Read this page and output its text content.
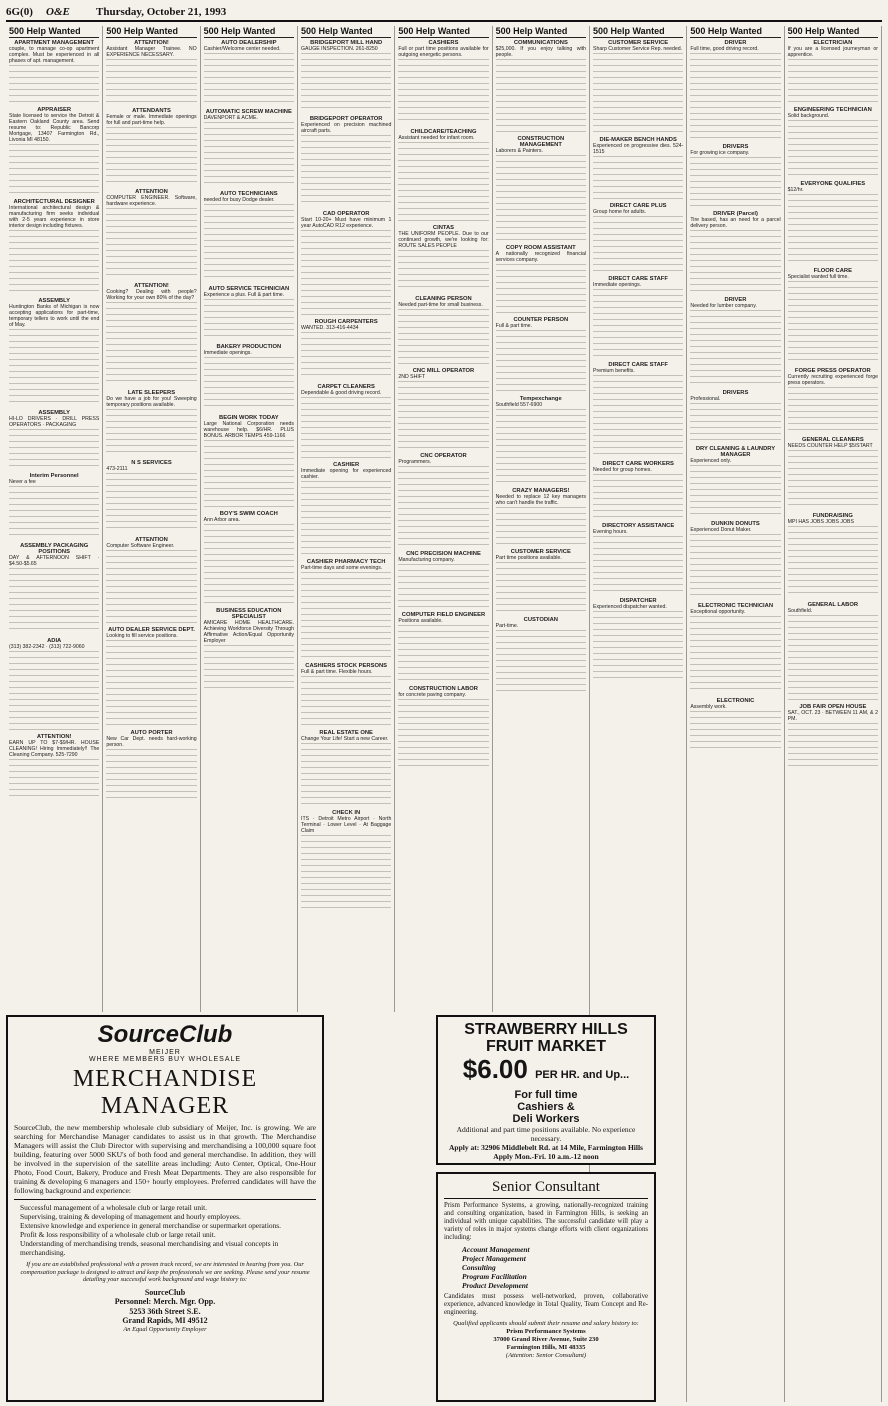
6G(0)	O&E	Thursday, October 21, 1993
500 Help Wanted
APARTMENT MANAGEMENT
couple, to manage co-op apartment complex. Must be experienced in all phases of apt. management.
APPRAISER
State licensed to service the Detroit & Eastern Oakland County area. Send resume to: Republic Bancorp Mortgage, 13407 Farmington Rd., Livonia MI 48150.
ARCHITECTURAL DESIGNER
International architectural design & manufacturing firm seeks individual with 2-5 years experience in store interior design including fixtures.
ASSEMBLY
Huntington Banks of Michigan is now accepting applications for part-time, temporary tellers to work until the end of May.
ASSEMBLY
HI-LO DRIVERS · DRILL PRESS OPERATORS · PACKAGING
Interim Personnel
Never a fee
ASSEMBLY PACKAGING POSITIONS
DAY & AFTERNOON SHIFT · $4.50-$5.65
ADIA
(313) 382-2342 · (313) 722-9060
ATTENTION!
EARN UP TO $7-$9/HR. HOUSE CLEANING! Hiring Immediately!! The Cleaning Company. 525-7290
500 Help Wanted
ATTENTION!
Assistant Manager Trainee. NO EXPERIENCE NECESSARY.
ATTENDANTS
Female or male. Immediate openings for full and part-time help.
ATTENTION
COMPUTER ENGINEER. Software, hardware experience.
ATTENTION!
Cooking? Dealing with people? Working for your own 80% of the day?
LATE SLEEPERS
Do we have a job for you! Sweeping temporary positions available.
N S SERVICES
473-2111
ATTENTION
Computer Software Engineer.
AUTO DEALER SERVICE DEPT.
Looking to fill service positions.
AUTO PORTER
New Car Dept. needs hard-working person.
500 Help Wanted
AUTO DEALERSHIP
Cashier/Welcome center needed.
AUTOMATIC SCREW MACHINE
DAVENPORT & ACME.
AUTO TECHNICIANS
needed for busy Dodge dealer.
AUTO SERVICE TECHNICIAN
Experience a plus. Full & part time.
BAKERY PRODUCTION
Immediate openings.
BEGIN WORK TODAY
Large National Corporation needs warehouse help. $6/HR. PLUS BONUS. ARBOR TEMPS 459-1166
BOY'S SWIM COACH
Ann Arbor area.
BUSINESS EDUCATION SPECIALIST
AMICARE HOME HEALTHCARE. Achieving Workforce Diversity Through Affirmative Action/Equal Opportunity Employer
500 Help Wanted
BRIDGEPORT MILL HAND
GAUGE INSPECTION. 261-8250
BRIDGEPORT OPERATOR
Experienced on precision machined aircraft parts.
CAD OPERATOR
Start 10-20+ Must have minimum 1 year AutoCAD R12 experience.
ROUGH CARPENTERS
WANTED. 313-416-4434
CARPET CLEANERS
Dependable & good driving record.
CASHIER
Immediate opening for experienced cashier.
CASHIER PHARMACY TECH
Part-time days and some evenings.
CASHIERS STOCK PERSONS
Full & part time. Flexible hours.
REAL ESTATE ONE
Change Your Life! Start a new Career.
CHECK IN
ITS · Detroit Metro Airport · North Terminal · Lower Level · At Baggage Claim
500 Help Wanted
CASHIERS
Full or part time positions available for outgoing energetic persons.
CHILDCARE/TEACHING
Assistant needed for infant room.
CINTAS
THE UNIFORM PEOPLE. Due to our continued growth, we're looking for: ROUTE SALES PEOPLE
CLEANING PERSON
Needed part-time for small business.
CNC MILL OPERATOR
2ND SHIFT
CNC OPERATOR
Programmers.
CNC PRECISION MACHINE
Manufacturing company.
COMPUTER FIELD ENGINEER
Positions available.
CONSTRUCTION LABOR
for concrete paving company.
500 Help Wanted
COMMUNICATIONS
$25,000. If you enjoy talking with people.
CONSTRUCTION MANAGEMENT
Laborers & Painters.
COPY ROOM ASSISTANT
A nationally recognized financial services company.
COUNTER PERSON
Full & part time.
Tempexchange
Southfield 557-6900
CRAZY MANAGERS!
Needed to replace 12 key managers who can't handle the traffic.
CUSTOMER SERVICE
Part time positions available.
CUSTODIAN
Part-time.
500 Help Wanted
CUSTOMER SERVICE
Sharp Customer Service Rep. needed.
DIE-MAKER BENCH HANDS
Experienced on progressive dies. 524-1515
DIRECT CARE PLUS
Group home for adults.
DIRECT CARE STAFF
Immediate openings.
DIRECT CARE STAFF
Premium benefits.
DIRECT CARE WORKERS
Needed for group homes.
DIRECTORY ASSISTANCE
Evening hours.
DISPATCHER
Experienced dispatcher wanted.
500 Help Wanted
DRIVER
Full time, good driving record.
DRIVERS
For growing ice company.
DRIVER (Parcel)
Tire based, has an need for a parcel delivery person.
DRIVER
Needed for lumber company.
DRIVERS
Professional.
DRY CLEANING & LAUNDRY MANAGER
Experienced only.
DUNKIN DONUTS
Experienced Donut Maker.
ELECTRONIC TECHNICIAN
Exceptional opportunity.
ELECTRONIC
Assembly work.
500 Help Wanted
ELECTRICIAN
If you are a licensed journeyman or apprentice.
ENGINEERING TECHNICIAN
Solid background.
EVERYONE QUALIFIES
$12/hr.
FLOOR CARE
Specialist wanted full time.
FORGE PRESS OPERATOR
Currently recruiting experienced forge press operators.
GENERAL CLEANERS
NEEDS COUNTER HELP $5/START
FUNDRAISING
MPI HAS JOBS JOBS JOBS
GENERAL LABOR
Southfield.
JOB FAIR OPEN HOUSE
SAT., OCT. 23 · BETWEEN 11 AM, & 2 PM.
SourceClub
MEIJER
WHERE MEMBERS BUY WHOLESALE
MERCHANDISE MANAGER
SourceClub, the new membership wholesale club subsidiary of Meijer, Inc. is growing. We are searching for Merchandise Manager candidates to assist us in that growth. The Merchandise Managers will assist the Club Director with supervising and merchandising a 100,000 square foot building, featuring over 5000 SKU's of both food and general merchandise. In addition, they will be involved in the supervision of the satellite areas including: Auto Center, Optical, One-Hour Photo, Food Court, Bakery, Produce and Fresh Meat Departments. They are also responsible for training & developing 6 managers and 150+ hourly employees. Preferred candidates will have the following background and experience:
Successful management of a wholesale club or large retail unit.
Supervising, training & developing of management and hourly employees.
Extensive knowledge and experience in general merchandise or supermarket operations.
Profit & loss responsibility of a wholesale club or large retail unit.
Understanding of merchandising trends, seasonal merchandising and visual concepts in merchandising.
If you are an established professional with a proven track record, we are interested in hearing from you. Our compensation package is designed to attract and keep the professionals we are seeking. Please send your resume detailing your successful work background and wage history to:
SourceClub
Personnel: Merch. Mgr. Opp.
5253 36th Street S.E.
Grand Rapids, MI 49512
An Equal Opportunity Employer
STRAWBERRY HILLS FRUIT MARKET
$6.00 PER HR. and Up...
For full time
Cashiers &
Deli Workers
Additional and part time positions available. No experience necessary.
Apply at: 32906 Middlebelt Rd. at 14 Mile, Farmington Hills
Apply Mon.-Fri. 10 a.m.-12 noon
Senior Consultant
Prism Performance Systems, a growing, nationally-recognized training and consulting organization, based in Farmington Hills, is seeking an individual with unique capabilities. The successful candidate will play a variety of roles in major systems change efforts with client organizations including:
Account Management
Project Management
Consulting
Program Facilitation
Product Development
Candidates must possess well-networked, proven, collaborative experience, advanced knowledge in Total Quality, Team Concept and Re-engineering.
Qualified applicants should submit their resume and salary history to:
Prism Performance Systems
37000 Grand River Avenue, Suite 230
Farmington Hills, MI 48335
(Attention: Senior Consultant)
